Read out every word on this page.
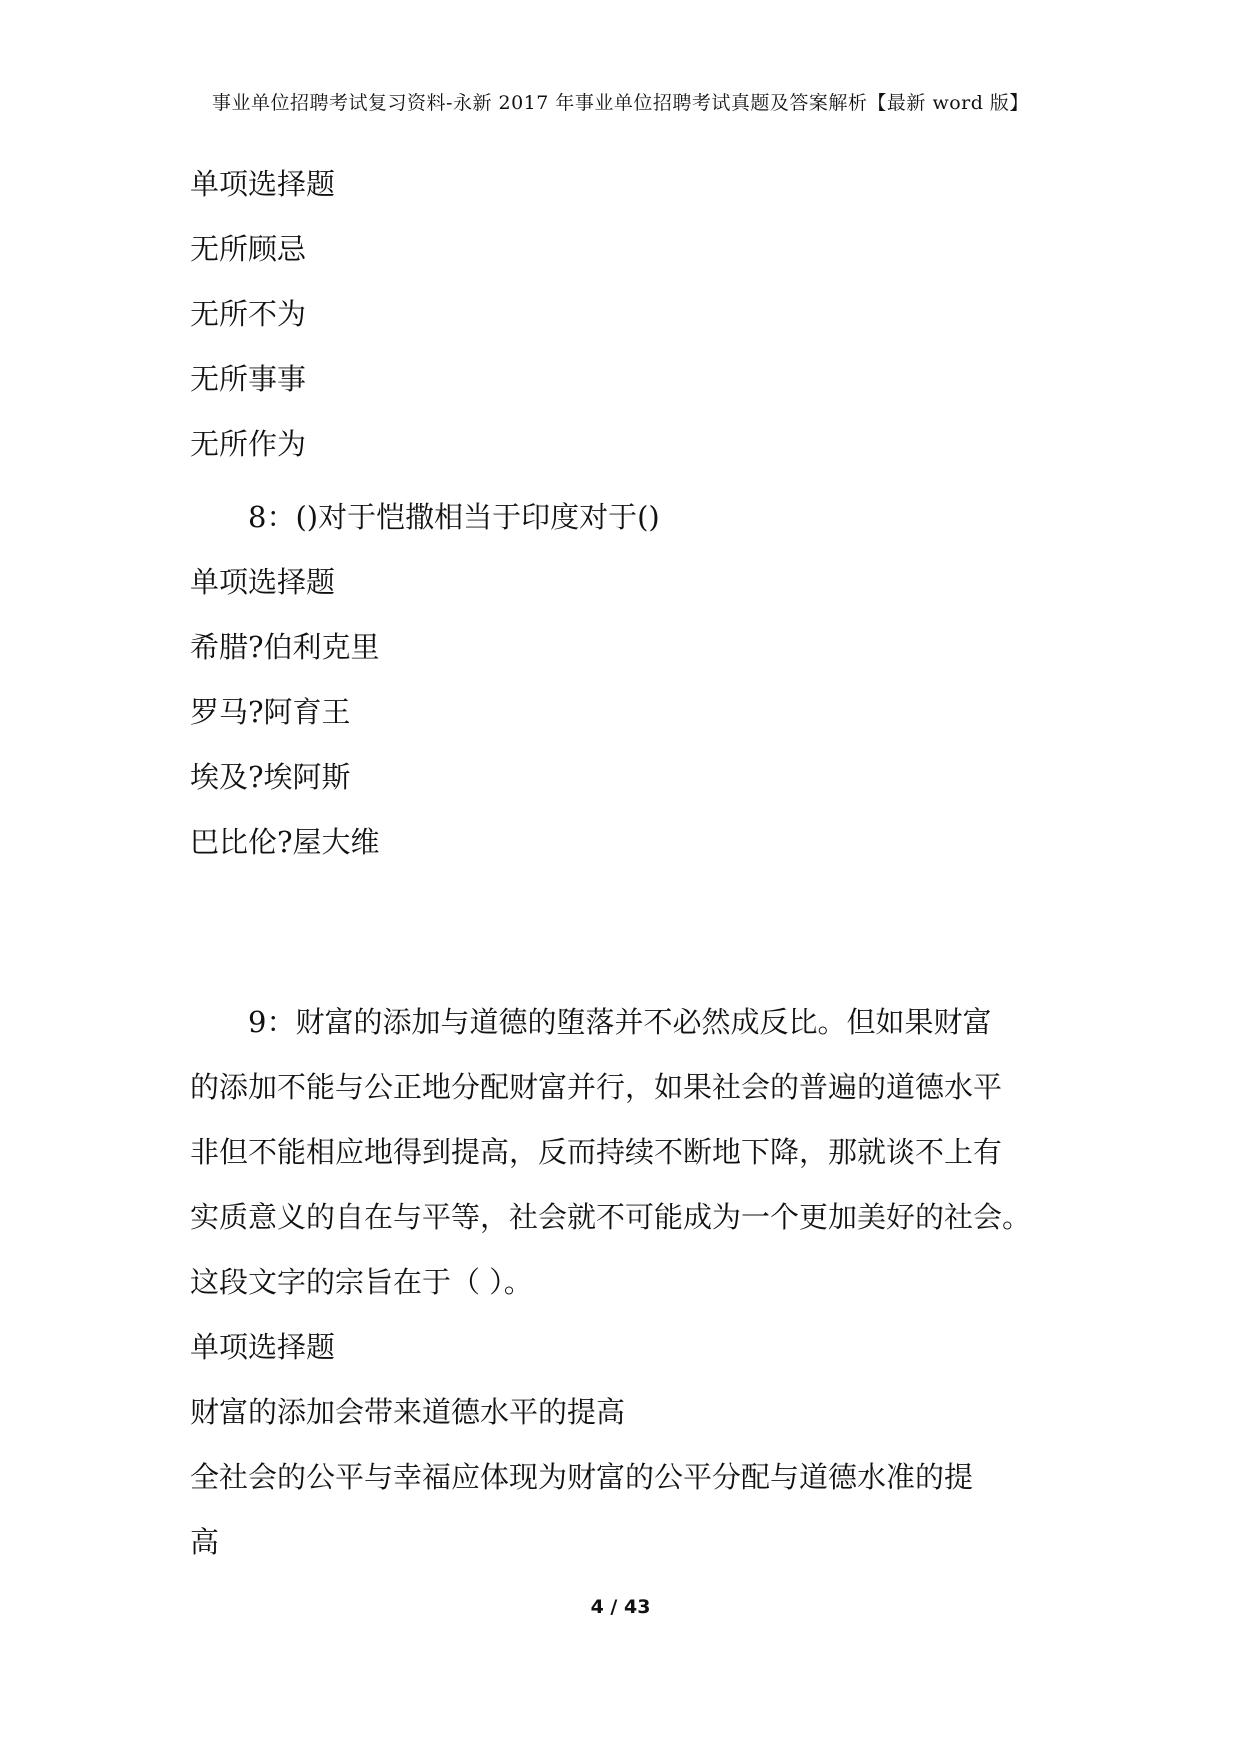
事业单位招聘考试复习资料-永新 2017 年事业单位招聘考试真题及答案解析【最新 word 版】
单项选择题
无所顾忌
无所不为
无所事事
无所作为
8：()对于恺撒相当于印度对于()
单项选择题
希腊?伯利克里
罗马?阿育王
埃及?埃阿斯
巴比伦?屋大维
9：财富的添加与道德的堕落并不必然成反比。但如果财富
的添加不能与公正地分配财富并行，如果社会的普遍的道德水平
非但不能相应地得到提高，反而持续不断地下降，那就谈不上有
实质意义的自在与平等，社会就不可能成为一个更加美好的社会。
这段文字的宗旨在于（ ）。
单项选择题
财富的添加会带来道德水平的提高
全社会的公平与幸福应体现为财富的公平分配与道德水准的提
高
4 / 43
